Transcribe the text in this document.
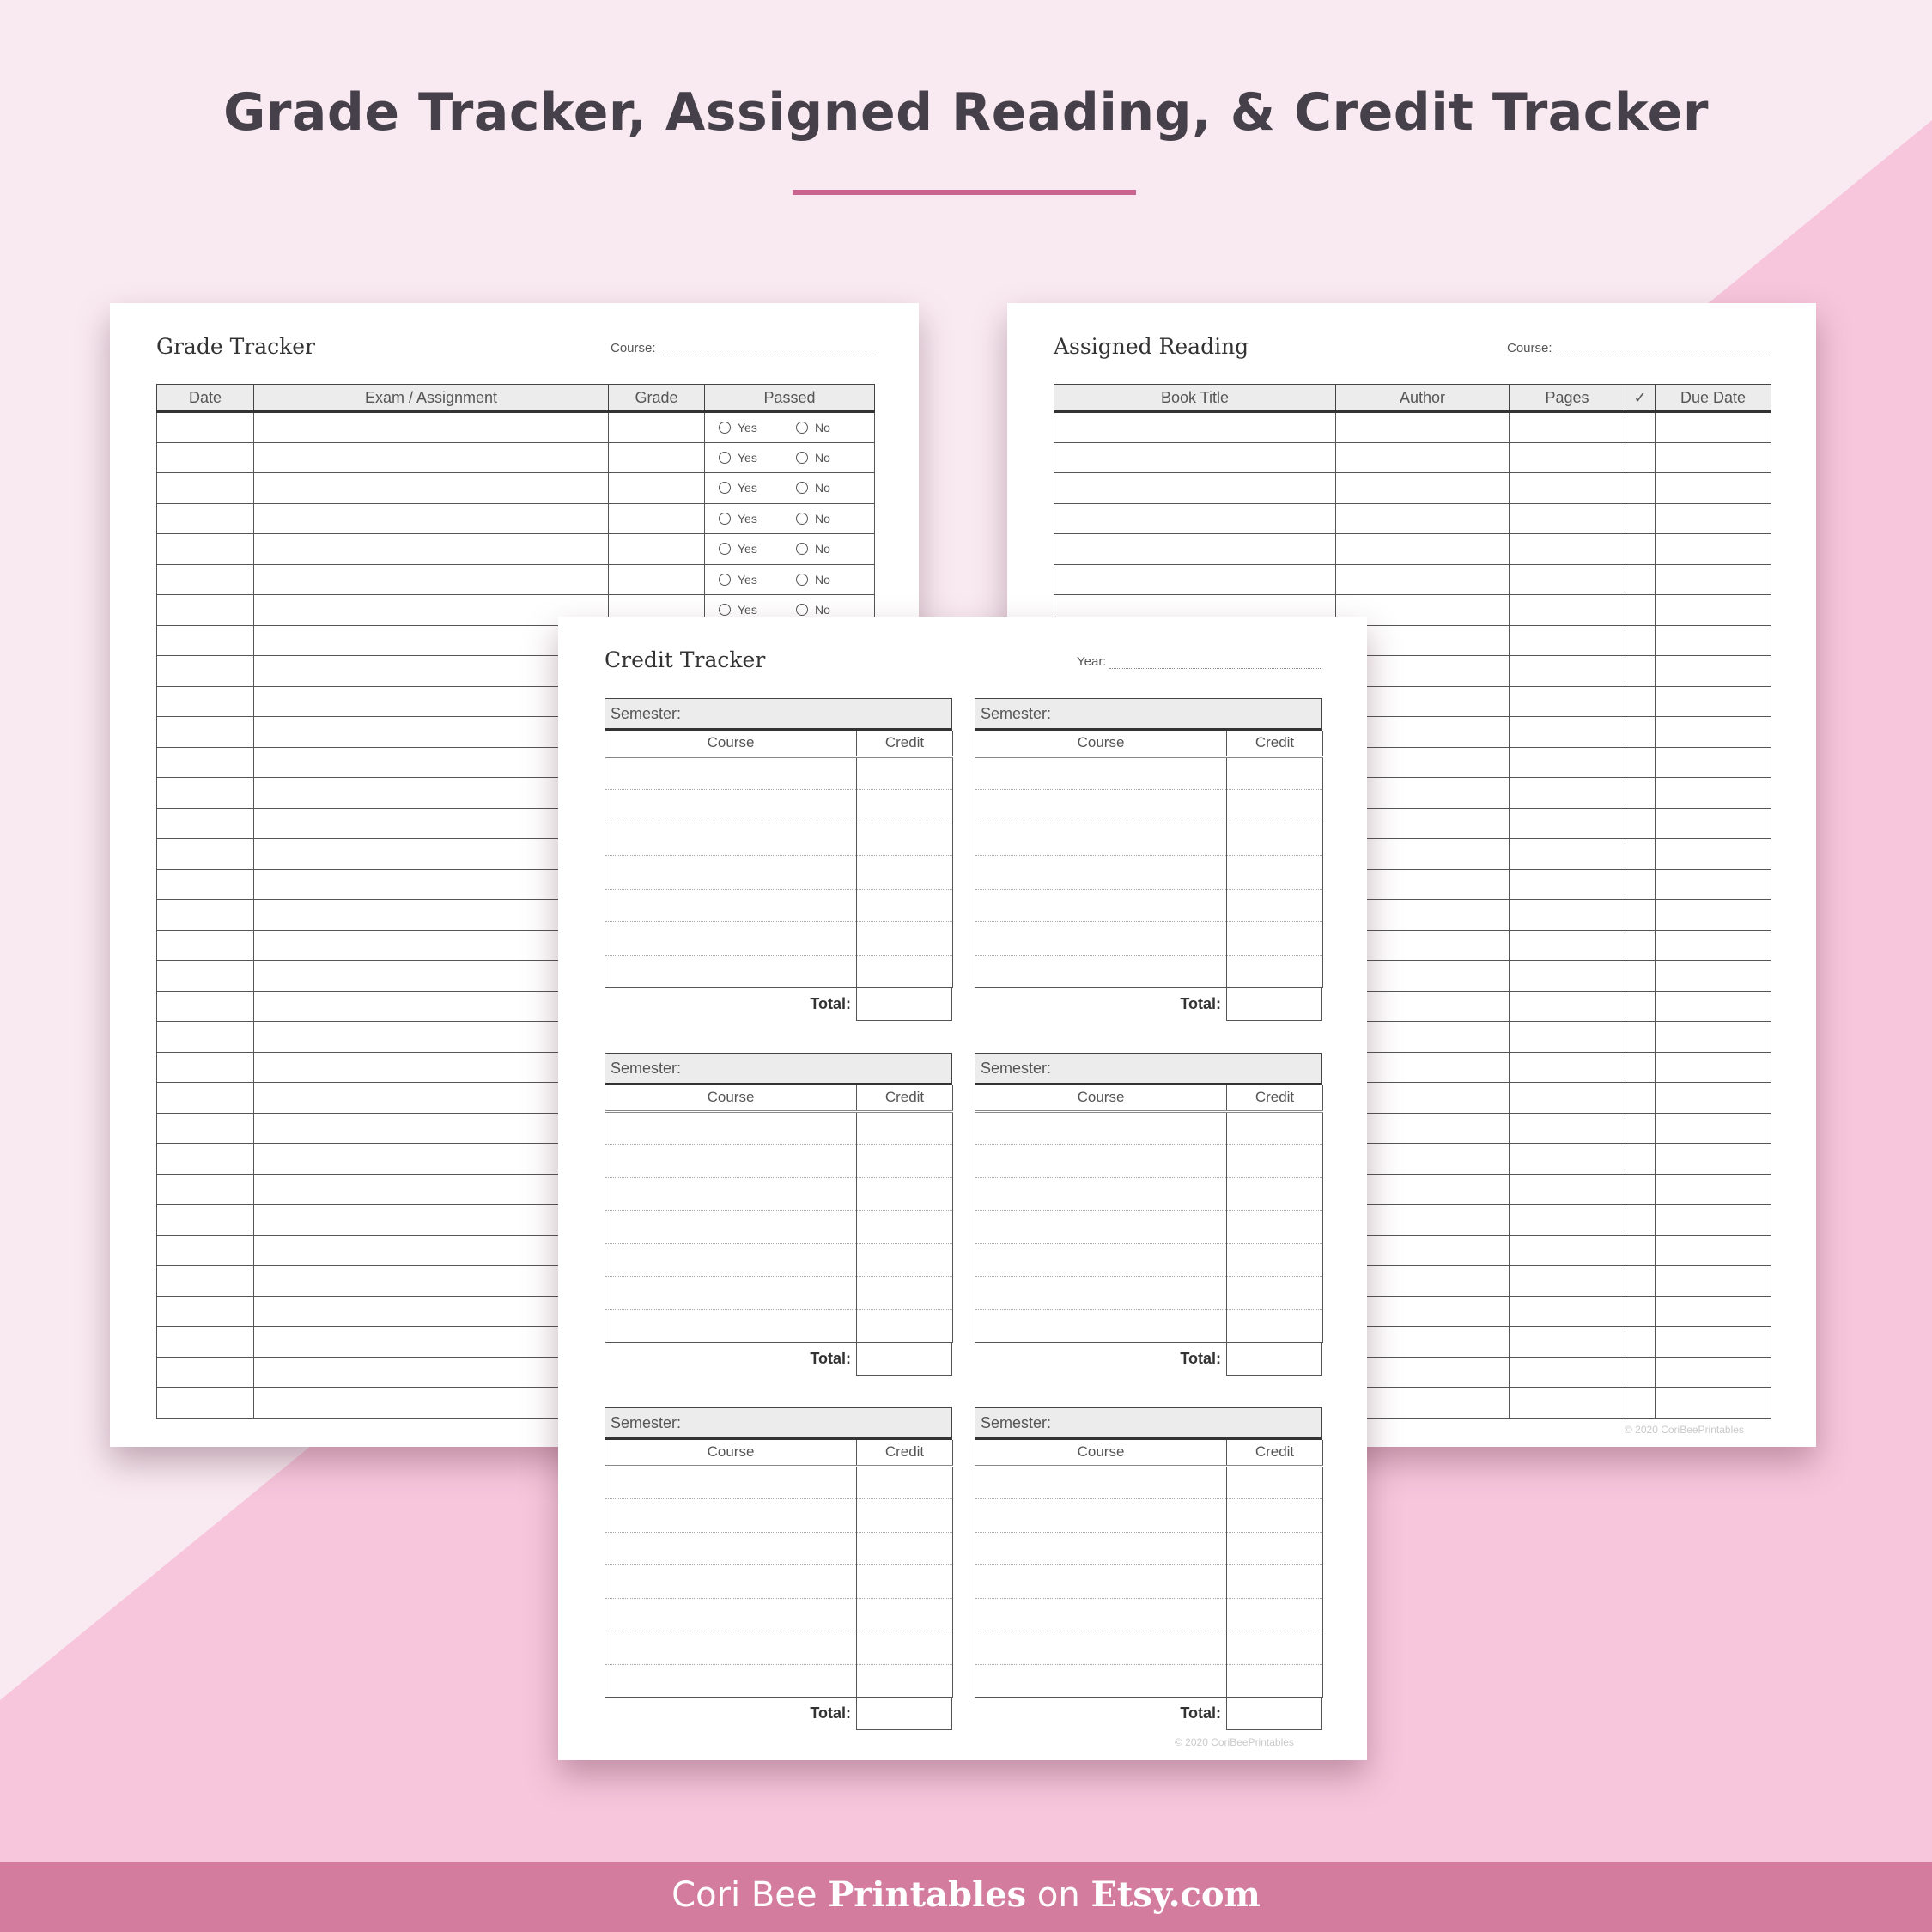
Grade Tracker, Assigned Reading, & Credit Tracker
Grade Tracker	Course:
Date	Exam / Assignment	Grade	Passed
			Yes No
			Yes No
			Yes No
			Yes No
			Yes No
			Yes No
			Yes No

Assigned Reading	Course:
Book Title	Author	Pages	✓	Due Date

© 2020 CoriBeePrintables
Credit Tracker	Year:
Semester:
Course	Credit

Total:
Semester:
Course	Credit

Total:
Semester:
Course	Credit

Total:
Semester:
Course	Credit

Total:
Semester:
Course	Credit

Total:
Semester:
Course	Credit

Total:
© 2020 CoriBeePrintables
Cori Bee Printables on Etsy.com
